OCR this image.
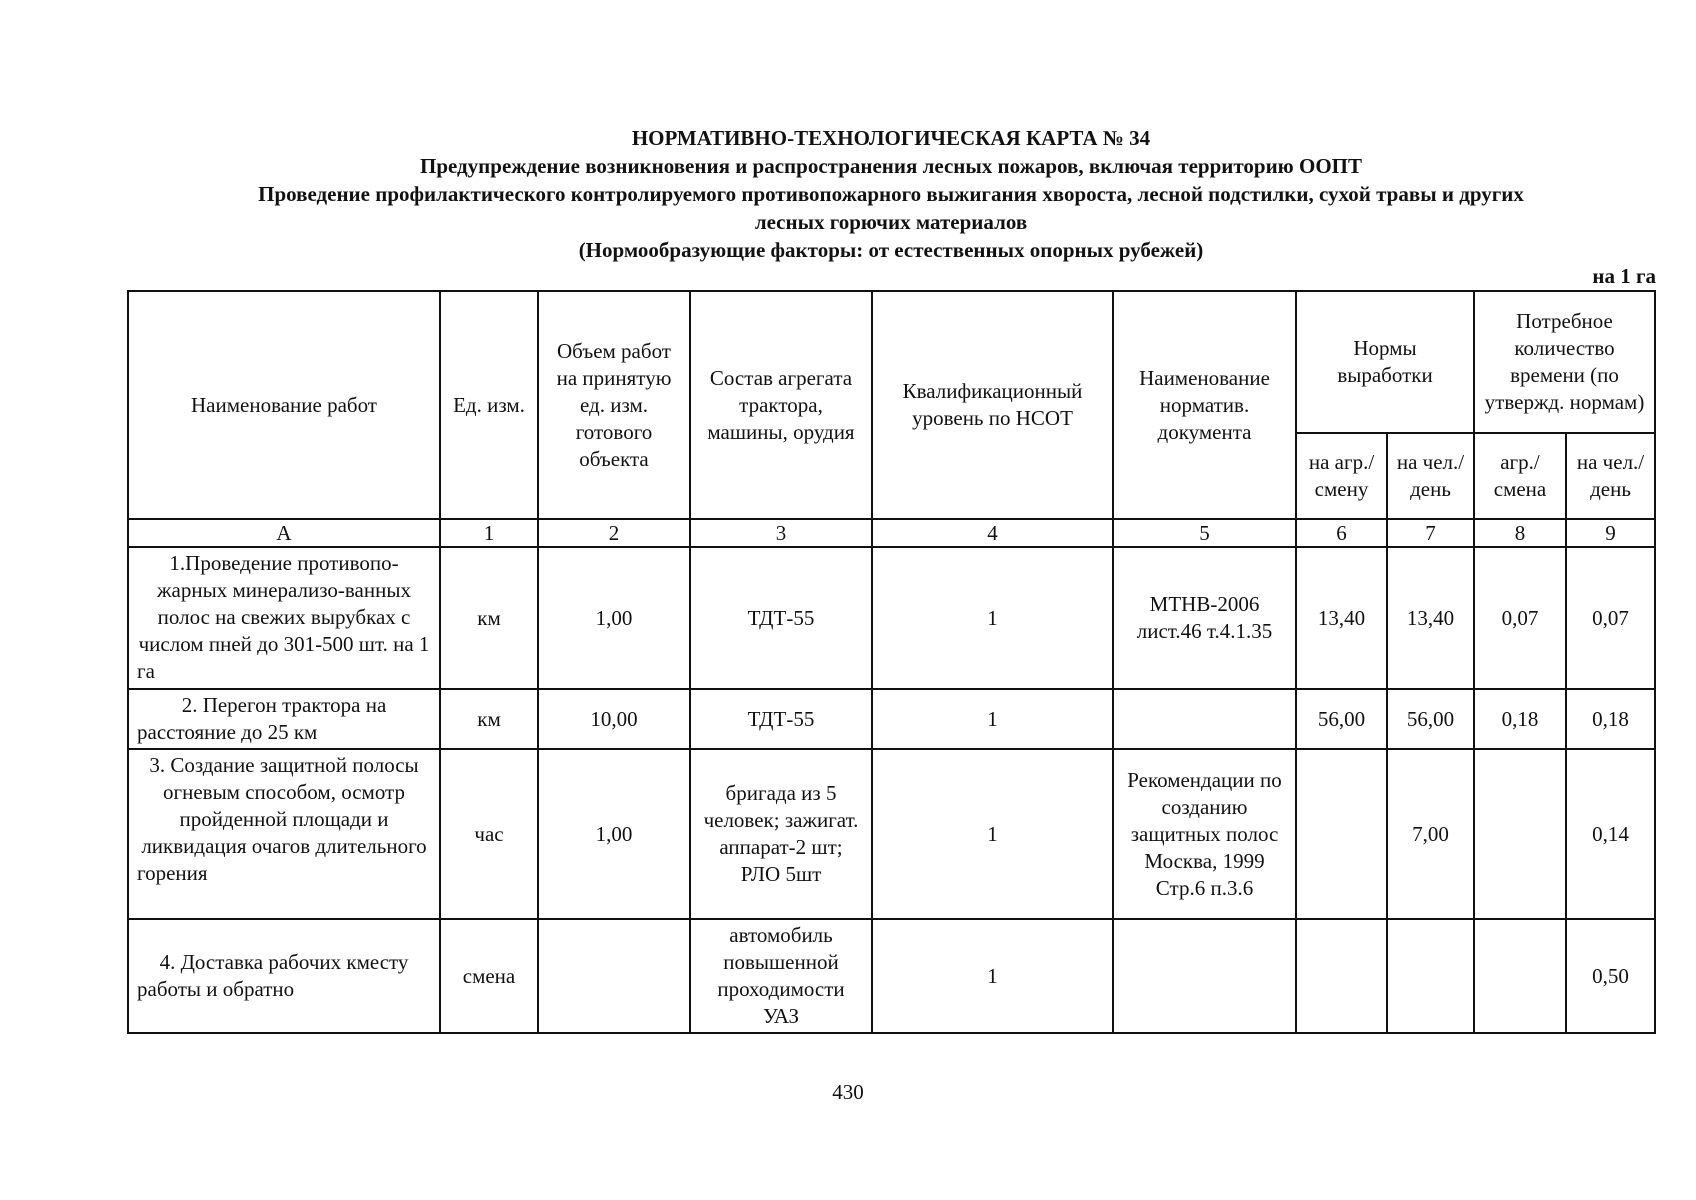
НОРМАТИВНО-ТЕХНОЛОГИЧЕСКАЯ КАРТА № 34
Предупреждение возникновения и распространения лесных пожаров, включая территорию ООПТ
Проведение профилактического контролируемого противопожарного выжигания хвороста, лесной подстилки, сухой травы и других
лесных горючих материалов
(Нормообразующие факторы: от естественных опорных рубежей)
на 1 га
Наименование работ	Ед. изм.	Объем работ на принятую ед. изм. готового объекта	Состав агрегата трактора, машины, орудия	Квалификационный уровень по НСОТ	Наименование норматив. документа	Нормы выработки		Потребное количество времени (по утвержд. нормам)	
						на агр./ смену	на чел./ день	агр./ смена	на чел./ день
А	1	2	3	4	5	6	7	8	9
1.Проведение противопо-жарных минерализо-ванных полос на свежих вырубках с числом пней до 301-500 шт. на 1 га	км	1,00	ТДТ-55	1	МТНВ-2006 лист.46 т.4.1.35	13,40	13,40	0,07	0,07
2. Перегон трактора на расстояние до 25 км	км	10,00	ТДТ-55	1		56,00	56,00	0,18	0,18
3. Создание защитной полосы огневым способом, осмотр пройденной площади и ликвидация очагов длительного горения	час	1,00	бригада из 5 человек; зажигат. аппарат-2 шт; РЛО 5шт	1	Рекомендации по созданию защитных полос Москва, 1999 Стр.6 п.3.6		7,00		0,14
4. Доставка рабочих кместу работы и обратно	смена		автомобиль повышенной проходимости УАЗ	1					0,50
430
